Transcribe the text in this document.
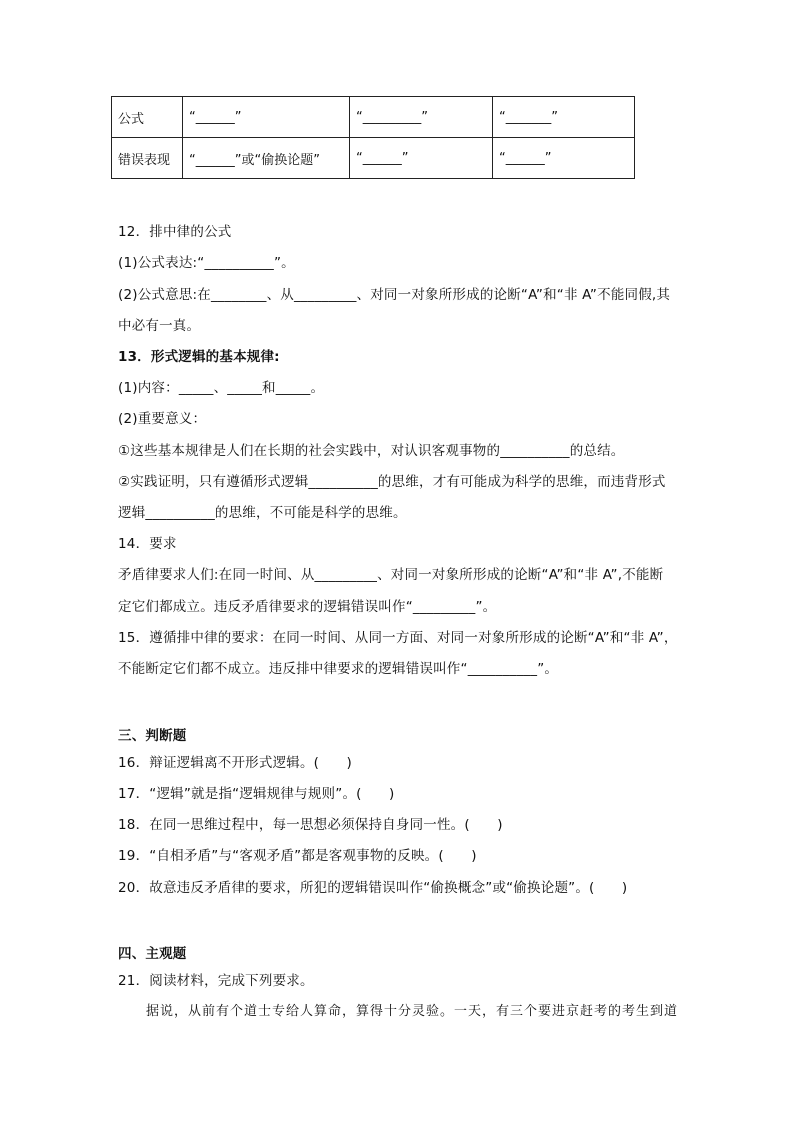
公式	“______”	“_________”	“_______”
错误表现	“______”或“偷换论题”	“______”	“______”
12．排中律的公式
(1)公式表达:“__________”。
(2)公式意思:在________、从_________、对同一对象所形成的论断“A”和“非 A”不能同假,其
中必有一真。
13．形式逻辑的基本规律:
(1)内容：_____、_____和_____。
(2)重要意义：
①这些基本规律是人们在长期的社会实践中，对认识客观事物的__________的总结。
②实践证明，只有遵循形式逻辑__________的思维，才有可能成为科学的思维，而违背形式
逻辑__________的思维，不可能是科学的思维。
14．要求
矛盾律要求人们:在同一时间、从_________、对同一对象所形成的论断“A”和“非 A”,不能断
定它们都成立。违反矛盾律要求的逻辑错误叫作“_________”。
15．遵循排中律的要求：在同一时间、从同一方面、对同一对象所形成的论断“A”和“非 A”，
不能断定它们都不成立。违反排中律要求的逻辑错误叫作“__________”。
三、判断题
16．辩证逻辑离不开形式逻辑。(　　)
17．“逻辑”就是指“逻辑规律与规则”。(　　)
18．在同一思维过程中，每一思想必须保持自身同一性。(　　)
19．“自相矛盾”与“客观矛盾”都是客观事物的反映。(　　)
20．故意违反矛盾律的要求，所犯的逻辑错误叫作“偷换概念”或“偷换论题”。(　　)
四、主观题
21．阅读材料，完成下列要求。
　　据说，从前有个道士专给人算命，算得十分灵验。一天，有三个要进京赶考的考生到道
